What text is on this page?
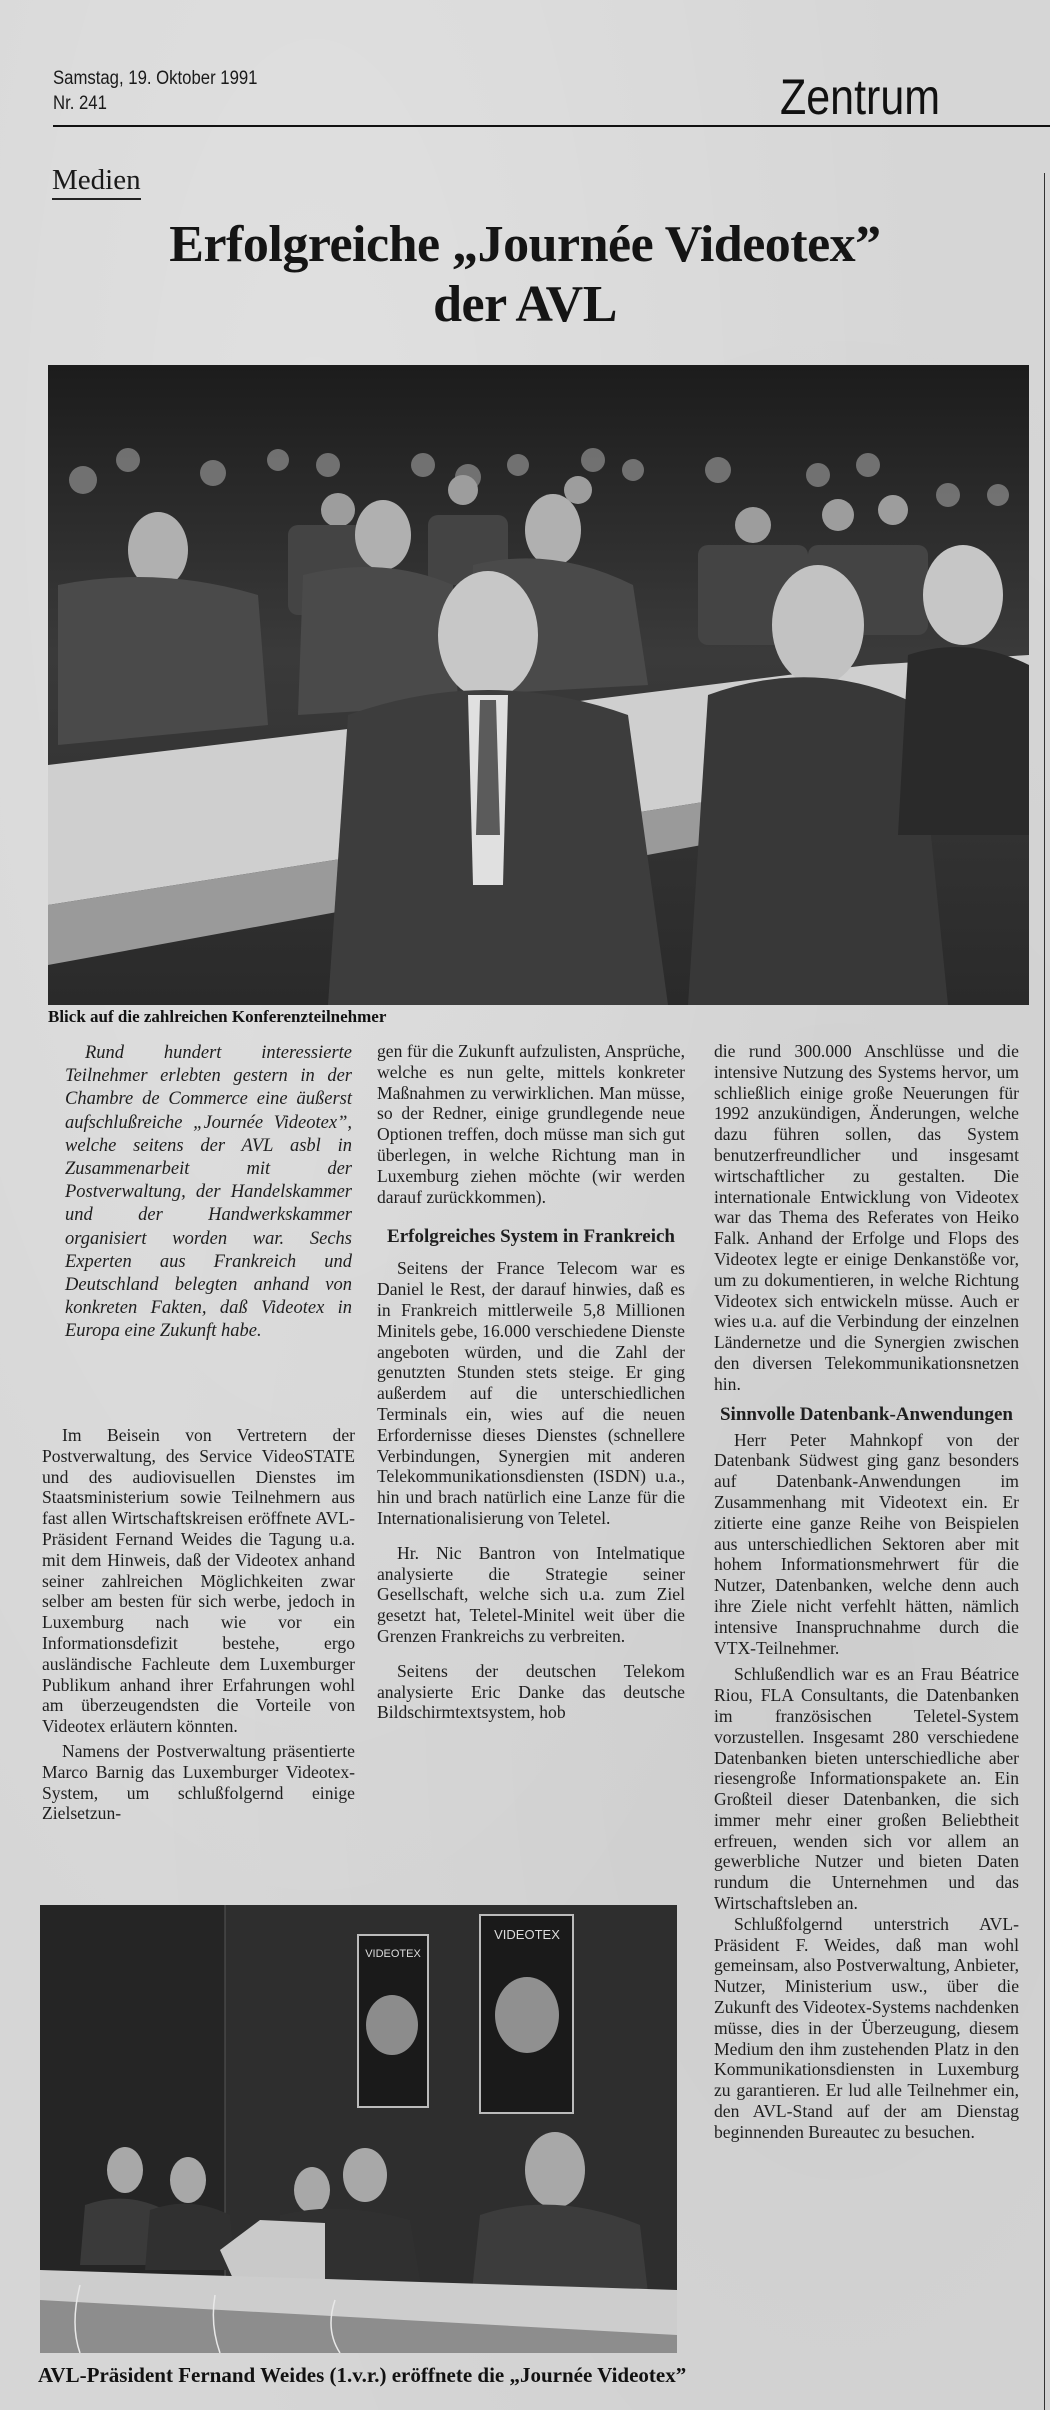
Samstag, 19. Oktober 1991
Nr. 241	Zentrum
Medien
Erfolgreiche „Journée Videotex”
der AVL
Blick auf die zahlreichen Konferenzteilnehmer

Rund hundert interessierte Teilnehmer erlebten gestern in der Chambre de Commerce eine äußerst aufschlußreiche „Journée Videotex”, welche seitens der AVL asbl in Zusammenarbeit mit der Postverwaltung, der Handelskammer und der Handwerkskammer organisiert worden war. Sechs Experten aus Frankreich und Deutschland belegten anhand von konkreten Fakten, daß Videotex in Europa eine Zukunft habe.

Im Beisein von Vertretern der Postverwaltung, des Service VideoSTATE und des audiovisuellen Dienstes im Staatsministerium sowie Teilnehmern aus fast allen Wirtschaftskreisen eröffnete AVL-Präsident Fernand Weides die Tagung u.a. mit dem Hinweis, daß der Videotex anhand seiner zahlreichen Möglichkeiten zwar selber am besten für sich werbe, jedoch in Luxemburg nach wie vor ein Informationsdefizit bestehe, ergo ausländische Fachleute dem Luxemburger Publikum anhand ihrer Erfahrungen wohl am überzeugendsten die Vorteile von Videotex erläutern könnten.

Namens der Postverwaltung präsentierte Marco Barnig das Luxemburger Videotex-System, um schlußfolgernd einige Zielsetzun-

gen für die Zukunft aufzulisten, Ansprüche, welche es nun gelte, mittels konkreter Maßnahmen zu verwirklichen. Man müsse, so der Redner, einige grundlegende neue Optionen treffen, doch müsse man sich gut überlegen, in welche Richtung man in Luxemburg ziehen möchte (wir werden darauf zurückkommen).

Erfolgreiches System in Frankreich

Seitens der France Telecom war es Daniel le Rest, der darauf hinwies, daß es in Frankreich mittlerweile 5,8 Millionen Minitels gebe, 16.000 verschiedene Dienste angeboten würden, und die Zahl der genutzten Stunden stets steige. Er ging außerdem auf die unterschiedlichen Terminals ein, wies auf die neuen Erfordernisse dieses Dienstes (schnellere Verbindungen, Synergien mit anderen Telekommunikationsdiensten (ISDN) u.a., hin und brach natürlich eine Lanze für die Internationalisierung von Teletel.

Hr. Nic Bantron von Intelmatique analysierte die Strategie seiner Gesellschaft, welche sich u.a. zum Ziel gesetzt hat, Teletel-Minitel weit über die Grenzen Frankreichs zu verbreiten.

Seitens der deutschen Telekom analysierte Eric Danke das deutsche Bildschirmtextsystem, hob

die rund 300.000 Anschlüsse und die intensive Nutzung des Systems hervor, um schließlich einige große Neuerungen für 1992 anzukündigen, Änderungen, welche dazu führen sollen, das System benutzerfreundlicher und insgesamt wirtschaftlicher zu gestalten. Die internationale Entwicklung von Videotex war das Thema des Referates von Heiko Falk. Anhand der Erfolge und Flops des Videotex legte er einige Denkanstöße vor, um zu dokumentieren, in welche Richtung Videotex sich entwickeln müsse. Auch er wies u.a. auf die Verbindung der einzelnen Ländernetze und die Synergien zwischen den diversen Telekommunikationsnetzen hin.

Sinnvolle Datenbank-Anwendungen

Herr Peter Mahnkopf von der Datenbank Südwest ging ganz besonders auf Datenbank-Anwendungen im Zusammenhang mit Videotext ein. Er zitierte eine ganze Reihe von Beispielen aus unterschiedlichen Sektoren aber mit hohem Informationsmehrwert für die Nutzer, Datenbanken, welche denn auch ihre Ziele nicht verfehlt hätten, nämlich intensive Inanspruchnahme durch die VTX-Teilnehmer.

Schlußendlich war es an Frau Béatrice Riou, FLA Consultants, die Datenbanken im französischen Teletel-System vorzustellen. Insgesamt 280 verschiedene Datenbanken bieten unterschiedliche aber riesengroße Informationspakete an. Ein Großteil dieser Datenbanken, die sich immer mehr einer großen Beliebtheit erfreuen, wenden sich vor allem an gewerbliche Nutzer und bieten Daten rundum die Unternehmen und das Wirtschaftsleben an.

Schlußfolgernd unterstrich AVL-Präsident F. Weides, daß man wohl gemeinsam, also Postverwaltung, Anbieter, Nutzer, Ministerium usw., über die Zukunft des Videotex-Systems nachdenken müsse, dies in der Überzeugung, diesem Medium den ihm zustehenden Platz in den Kommunikationsdiensten in Luxemburg zu garantieren. Er lud alle Teilnehmer ein, den AVL-Stand auf der am Dienstag beginnenden Bureautec zu besuchen.

VIDEOTEX
VIDEOTEX
AVL-Präsident Fernand Weides (1.v.r.) eröffnete die „Journée Videotex”
